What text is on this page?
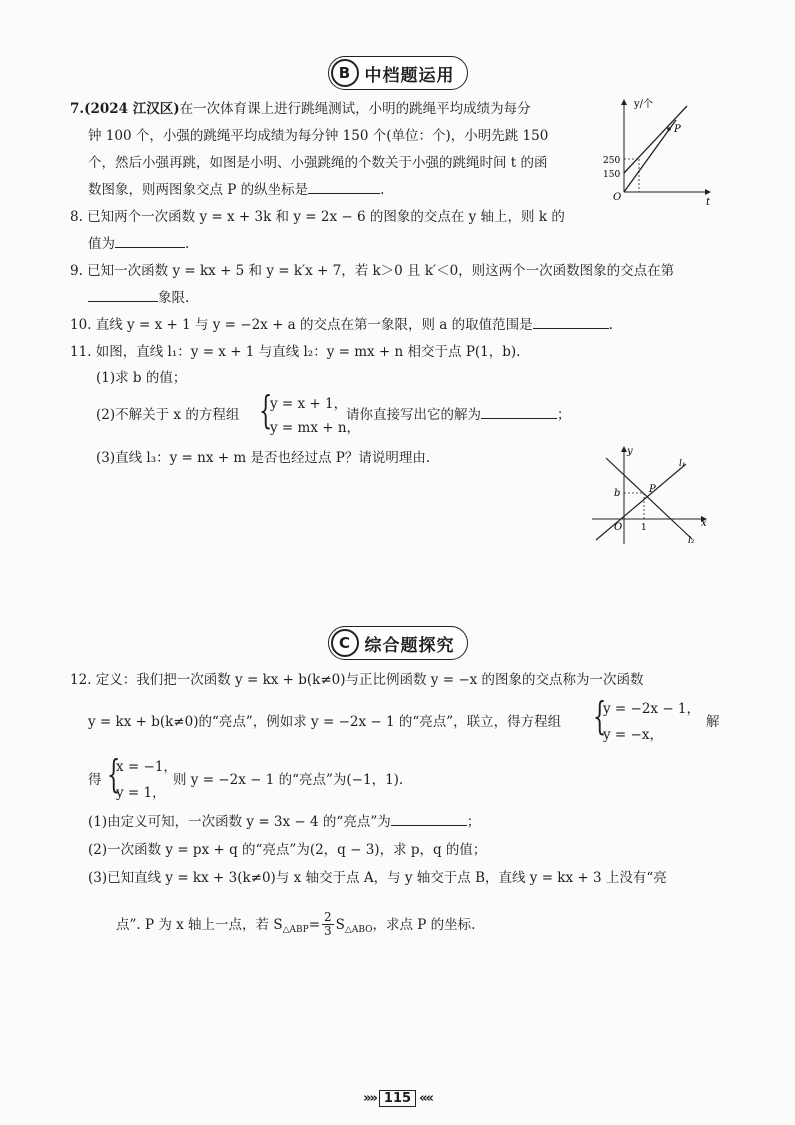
B 中档题运用
7.(2024 江汉区)在一次体育课上进行跳绳测试，小明的跳绳平均成绩为每分
钟 100 个，小强的跳绳平均成绩为每分钟 150 个(单位：个)，小明先跳 150
个，然后小强再跳，如图是小明、小强跳绳的个数关于小强的跳绳时间 t 的函
数图象，则两图象交点 P 的纵坐标是	.
y/个
t
O
P
250
150
8. 已知两个一次函数 y = x + 3k 和 y = 2x − 6 的图象的交点在 y 轴上，则 k 的
值为	.
9. 已知一次函数 y = kx + 5 和 y = k′x + 7，若 k＞0 且 k′＜0，则这两个一次函数图象的交点在第
象限.
10. 直线 y = x + 1 与 y = −2x + a 的交点在第一象限，则 a 的取值范围是	.
11. 如图，直线 l₁：y = x + 1 与直线 l₂：y = mx + n 相交于点 P(1，b).
(1)求 b 的值；
(2)不解关于 x 的方程组 {
y = x + 1，
y = mx + n，
请你直接写出它的解为	；
(3)直线 l₃：y = nx + m 是否也经过点 P？请说明理由.	y
x
O
b
1
P
l₁
l₂
C 综合题探究
12. 定义：我们把一次函数 y = kx + b(k≠0)与正比例函数 y = −x 的图象的交点称为一次函数
y = kx + b(k≠0)的“亮点”，例如求 y = −2x − 1 的“亮点”，联立，得方程组 {
y = −2x − 1，
y = −x，
解
得 {
x = −1，
y = 1，
则 y = −2x − 1 的“亮点”为(−1，1).
(1)由定义可知，一次函数 y = 3x − 4 的“亮点”为	；
(2)一次函数 y = px + q 的“亮点”为(2，q − 3)，求 p，q 的值；
(3)已知直线 y = kx + 3(k≠0)与 x 轴交于点 A，与 y 轴交于点 B，直线 y = kx + 3 上没有“亮
点”. P 为 x 轴上一点，若 S △ABP = $\frac{2}{3}$ S △ABO ，求点 P 的坐标.
»» 115 ««
